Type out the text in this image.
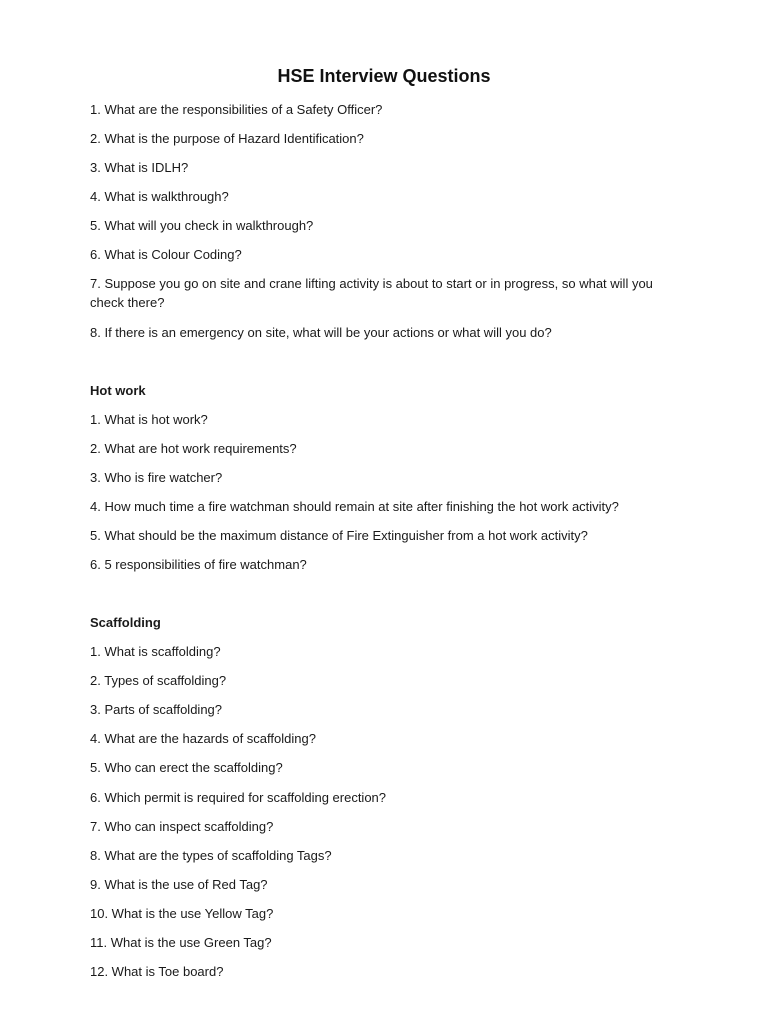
HSE Interview Questions
1. What are the responsibilities of a Safety Officer?
2. What is the purpose of Hazard Identification?
3. What is IDLH?
4. What is walkthrough?
5. What will you check in walkthrough?
6. What is Colour Coding?
7. Suppose you go on site and crane lifting activity is about to start or in progress, so what will you check there?
8. If there is an emergency on site, what will be your actions or what will you do?
Hot work
1. What is hot work?
2. What are hot work requirements?
3. Who is fire watcher?
4. How much time a fire watchman should remain at site after finishing the hot work activity?
5. What should be the maximum distance of Fire Extinguisher from a hot work activity?
6. 5 responsibilities of fire watchman?
Scaffolding
1. What is scaffolding?
2. Types of scaffolding?
3. Parts of scaffolding?
4. What are the hazards of scaffolding?
5. Who can erect the scaffolding?
6. Which permit is required for scaffolding erection?
7. Who can inspect scaffolding?
8. What are the types of scaffolding Tags?
9. What is the use of Red Tag?
10. What is the use Yellow Tag?
11. What is the use Green Tag?
12. What is Toe board?
